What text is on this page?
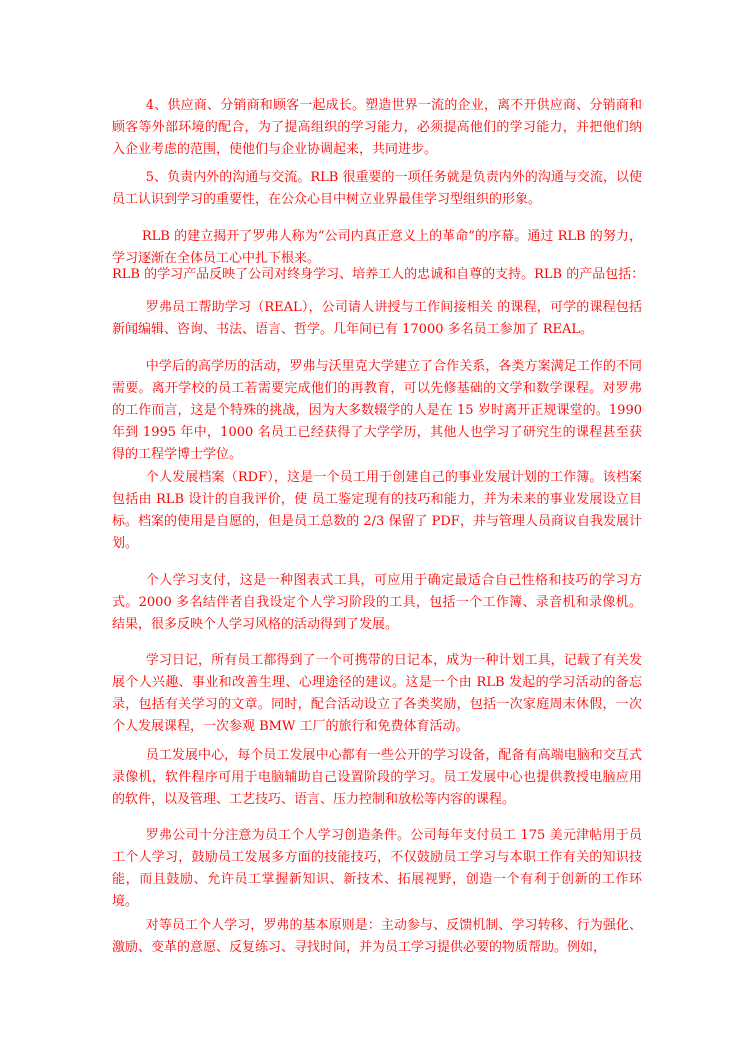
4、供应商、分销商和顾客一起成长。塑造世界一流的企业，离不开供应商、分销商和顾客等外部环境的配合，为了提高组织的学习能力，必须提高他们的学习能力，并把他们纳入企业考虑的范围，使他们与企业协调起来，共同进步。

5、负责内外的沟通与交流。RLB 很重要的一项任务就是负责内外的沟通与交流，以使员工认识到学习的重要性，在公众心目中树立业界最佳学习型组织的形象。

RLB 的建立揭开了罗弗人称为“公司内真正意义上的革命”的序幕。通过 RLB 的努力，学习逐渐在全体员工心中扎下根来。

RLB 的学习产品反映了公司对终身学习、培养工人的忠诚和自尊的支持。RLB 的产品包括：

罗弗员工帮助学习（REAL），公司请人讲授与工作间接相关 的课程，可学的课程包括新闻编辑、咨询、书法、语言、哲学。几年间已有 17000 多名员工参加了 REAL。

中学后的高学历的活动，罗弗与沃里克大学建立了合作关系，各类方案满足工作的不同需要。离开学校的员工若需要完成他们的再教育，可以先修基础的文学和数学课程。对罗弗的工作而言，这是个特殊的挑战，因为大多数辍学的人是在 15 岁时离开正规课堂的。1990 年到 1995 年中，1000 名员工已经获得了大学学历，其他人也学习了研究生的课程甚至获得的工程学博士学位。

个人发展档案（RDF），这是一个员工用于创建自己的事业发展计划的工作簿。该档案包括由 RLB 设计的自我评价，使 员工鉴定现有的技巧和能力，并为未来的事业发展设立目标。档案的使用是自愿的，但是员工总数的 2/3 保留了 PDF，并与管理人员商议自我发展计划。

个人学习支付，这是一种图表式工具，可应用于确定最适合自己性格和技巧的学习方式。2000 多名结伴者自我设定个人学习阶段的工具，包括一个工作簿、录音机和录像机。结果，很多反映个人学习风格的活动得到了发展。

学习日记，所有员工都得到了一个可携带的日记本，成为一种计划工具，记载了有关发展个人兴趣、事业和改善生理、心理途径的建议。这是一个由 RLB 发起的学习活动的备忘录，包括有关学习的文章。同时，配合活动设立了各类奖励，包括一次家庭周末休假，一次个人发展课程，一次参观 BMW 工厂的旅行和免费体育活动。

员工发展中心，每个员工发展中心都有一些公开的学习设备，配备有高端电脑和交互式录像机，软件程序可用于电脑辅助自己设置阶段的学习。员工发展中心也提供教授电脑应用的软件，以及管理、工艺技巧、语言、压力控制和放松等内容的课程。

罗弗公司十分注意为员工个人学习创造条件。公司每年支付员工 175 美元津帖用于员工个人学习，鼓励员工发展多方面的技能技巧，不仅鼓励员工学习与本职工作有关的知识技能，而且鼓励、允许员工掌握新知识、新技术、拓展视野，创造一个有利于创新的工作环境。

对等员工个人学习，罗弗的基本原则是：主动参与、反馈机制、学习转移、行为强化、激励、变革的意愿、反复练习、寻找时间，并为员工学习提供必要的物质帮助。例如，
